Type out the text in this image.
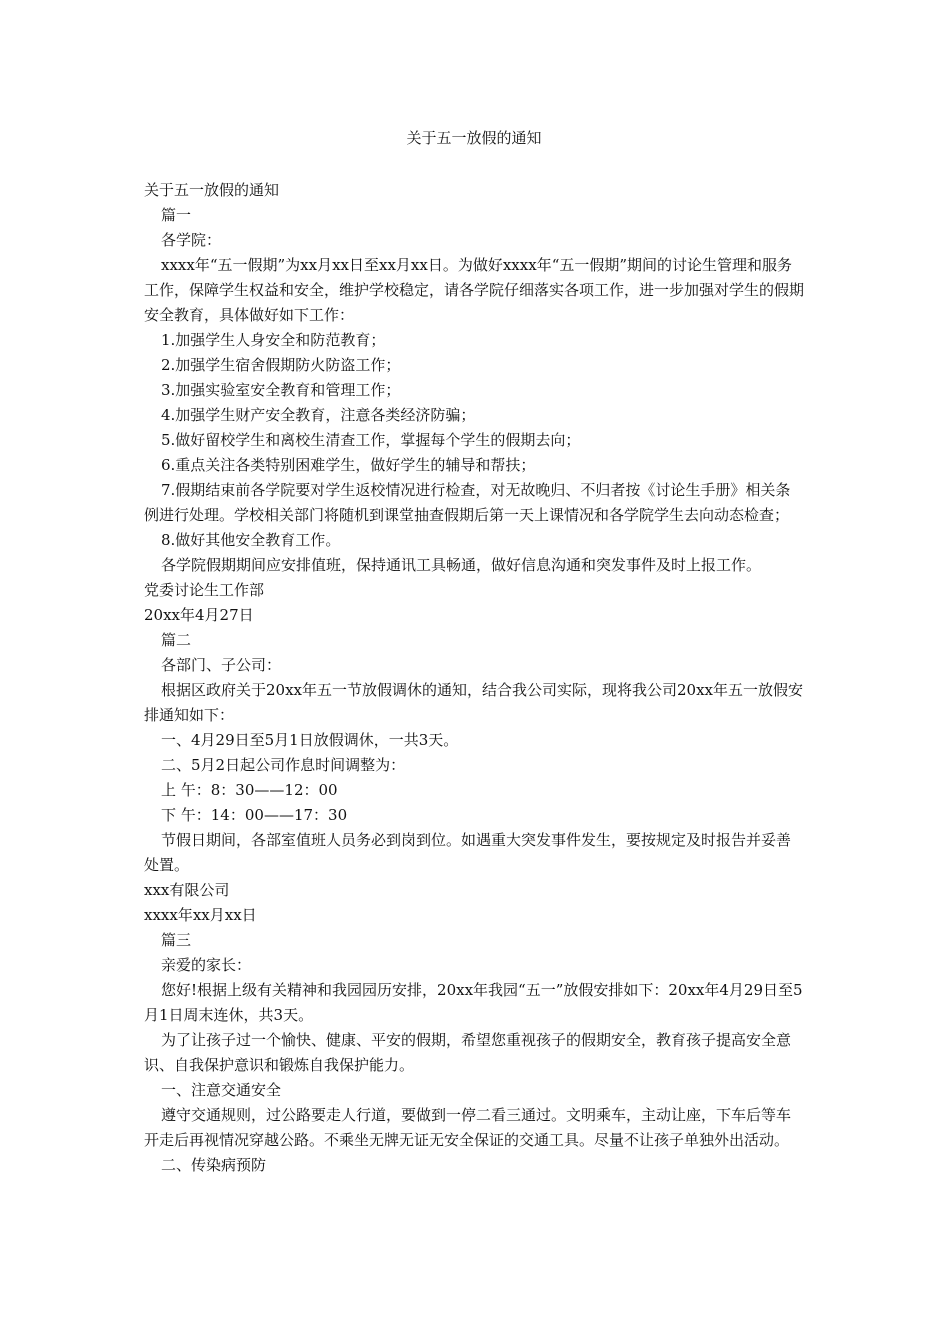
关于五一放假的通知

关于五一放假的通知

篇一

各学院：

xxxx年“五一假期”为xx月xx日至xx月xx日。为做好xxxx年“五一假期”期间的讨论生管理和服务工作，保障学生权益和安全，维护学校稳定，请各学院仔细落实各项工作，进一步加强对学生的假期安全教育，具体做好如下工作：

1.加强学生人身安全和防范教育；

2.加强学生宿舍假期防火防盗工作；

3.加强实验室安全教育和管理工作；

4.加强学生财产安全教育，注意各类经济防骗；

5.做好留校学生和离校生清查工作，掌握每个学生的假期去向；

6.重点关注各类特别困难学生，做好学生的辅导和帮扶；

7.假期结束前各学院要对学生返校情况进行检查，对无故晚归、不归者按《讨论生手册》相关条例进行处理。学校相关部门将随机到课堂抽查假期后第一天上课情况和各学院学生去向动态检查；

8.做好其他安全教育工作。

各学院假期期间应安排值班，保持通讯工具畅通，做好信息沟通和突发事件及时上报工作。

党委讨论生工作部

20xx年4月27日

篇二

各部门、子公司：

根据区政府关于20xx年五一节放假调休的通知，结合我公司实际，现将我公司20xx年五一放假安排通知如下：

一、4月29日至5月1日放假调休，一共3天。

二、5月2日起公司作息时间调整为：

上 午：8：30——12：00

下 午：14：00——17：30

节假日期间，各部室值班人员务必到岗到位。如遇重大突发事件发生，要按规定及时报告并妥善处置。

xxx有限公司

xxxx年xx月xx日

篇三

亲爱的家长：

您好!根据上级有关精神和我园园历安排，20xx年我园“五一”放假安排如下：20xx年4月29日至5月1日周末连休，共3天。

为了让孩子过一个愉快、健康、平安的假期，希望您重视孩子的假期安全，教育孩子提高安全意识、自我保护意识和锻炼自我保护能力。

一、注意交通安全

遵守交通规则，过公路要走人行道，要做到一停二看三通过。文明乘车，主动让座，下车后等车开走后再视情况穿越公路。不乘坐无牌无证无安全保证的交通工具。尽量不让孩子单独外出活动。

二、传染病预防
